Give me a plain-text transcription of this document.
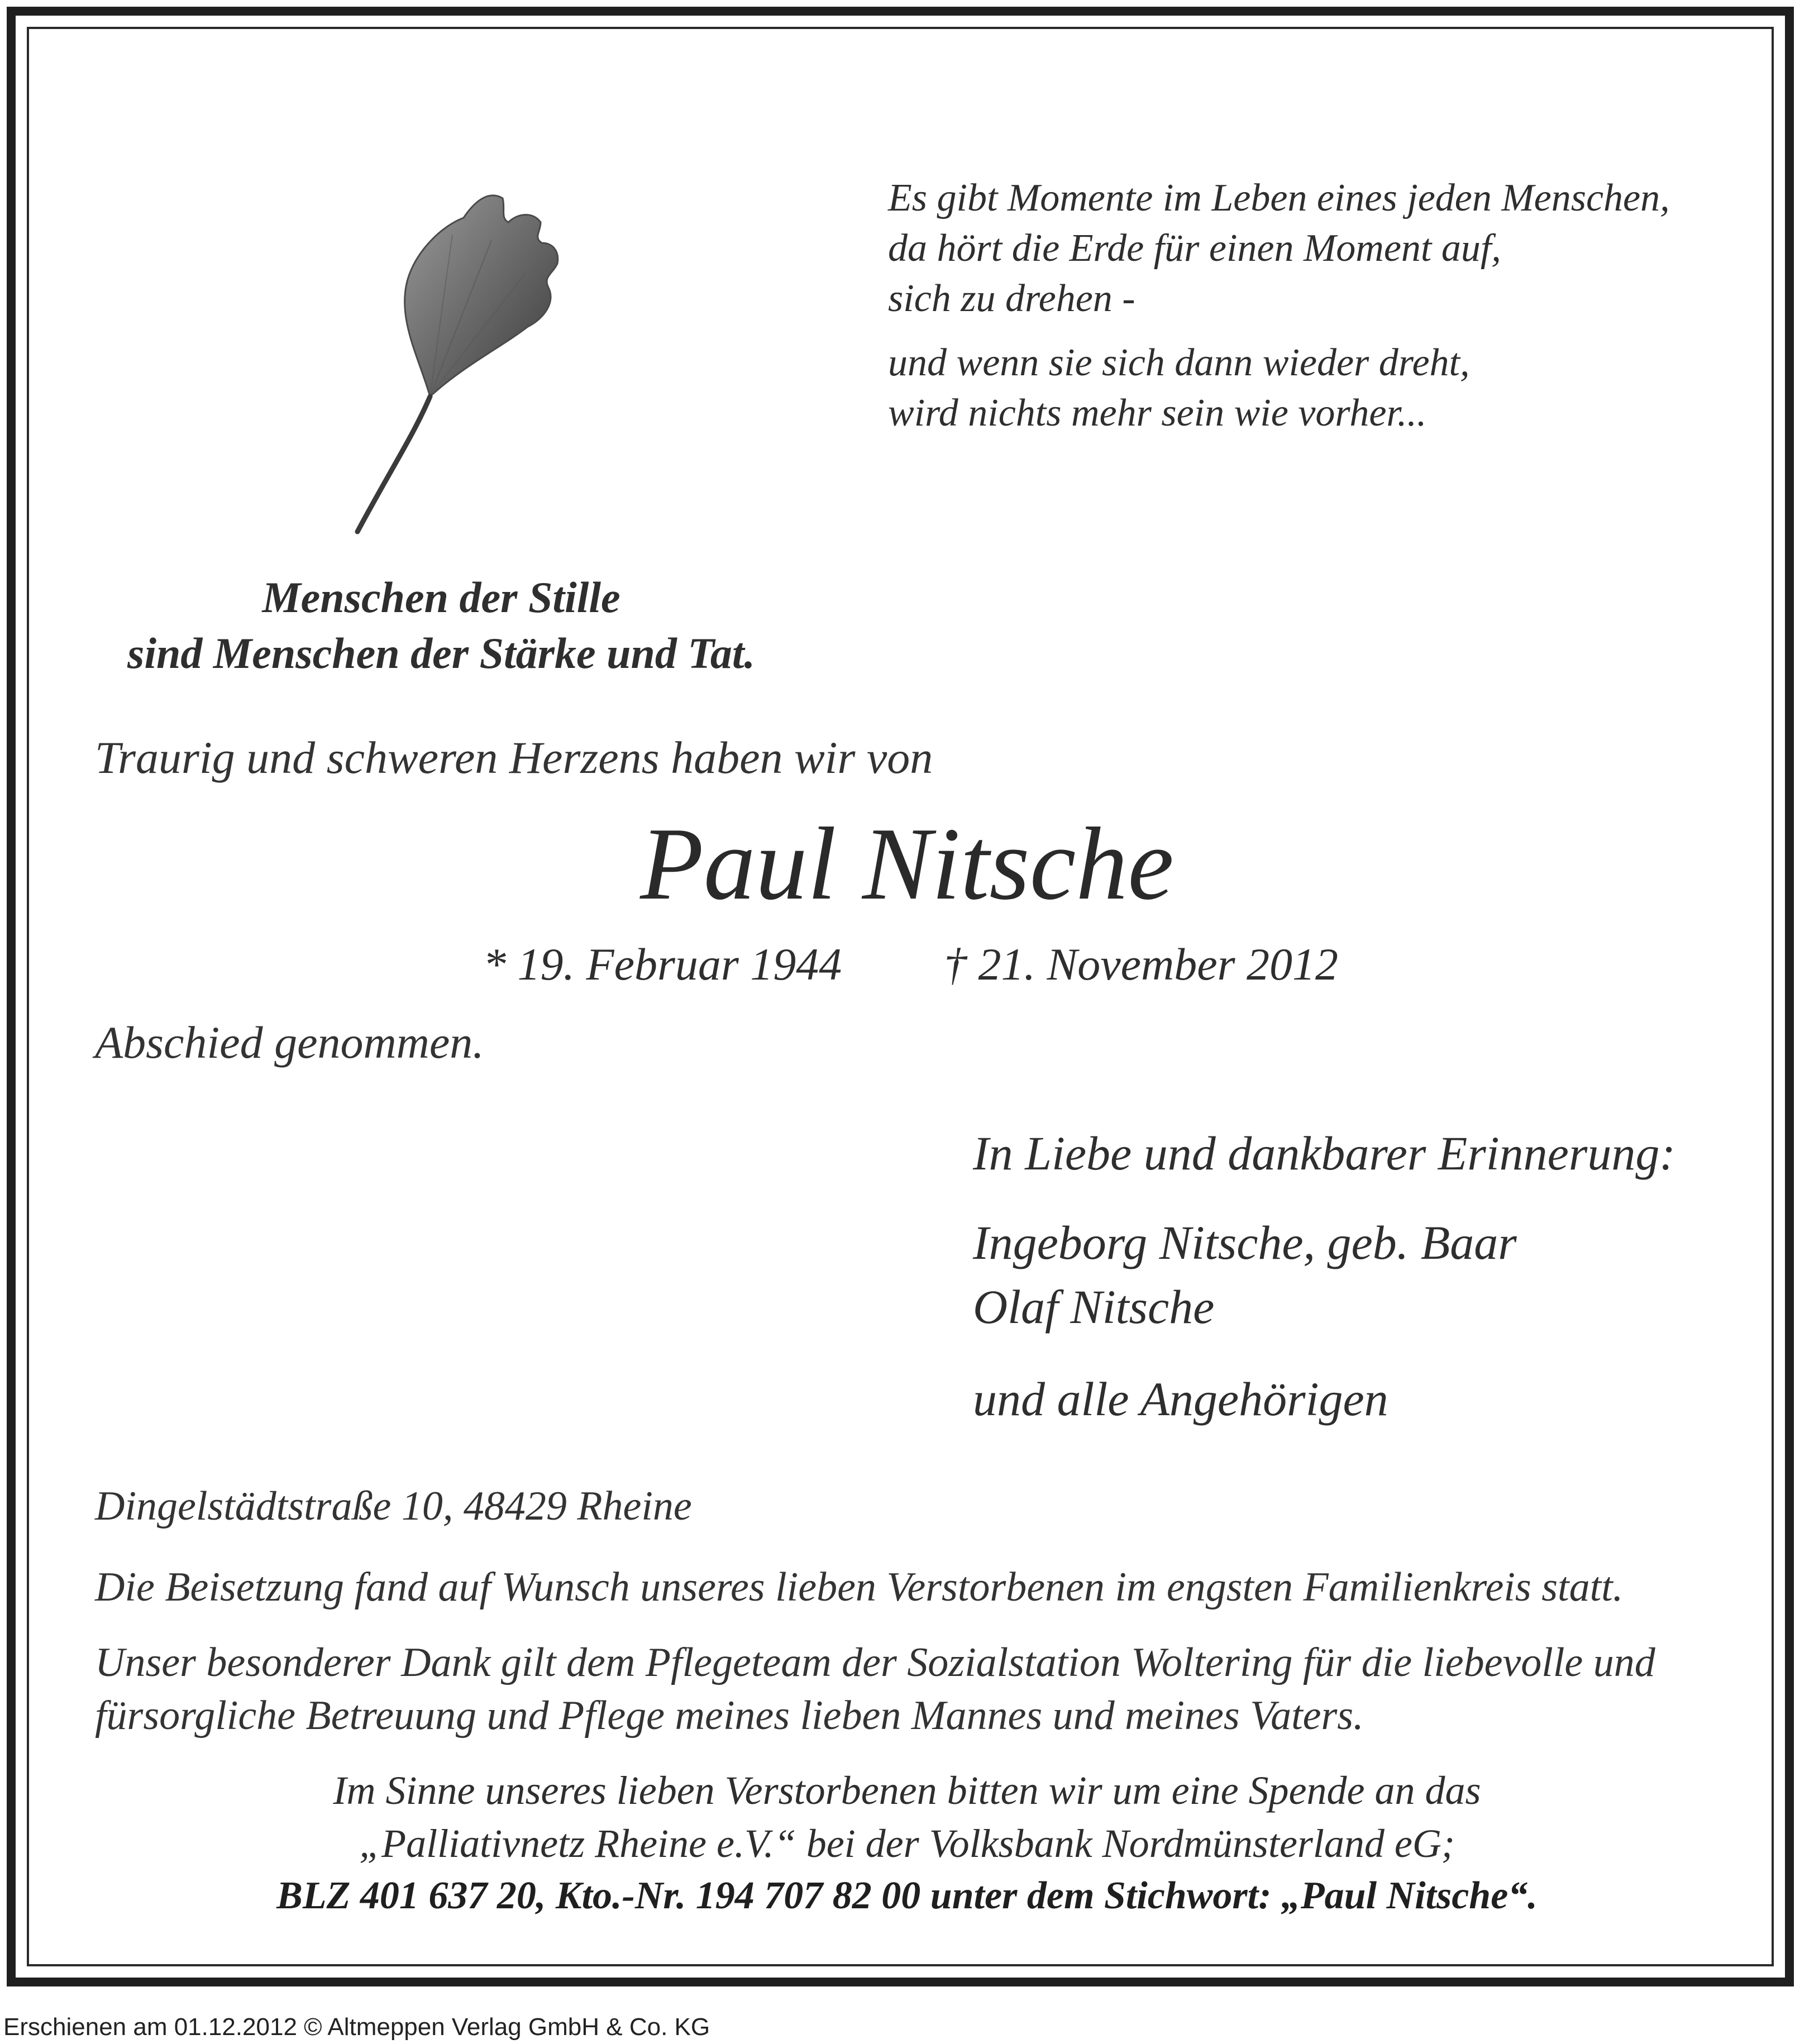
Es gibt Momente im Leben eines jeden Menschen,
da hört die Erde für einen Moment auf,
sich zu drehen -
und wenn sie sich dann wieder dreht,
wird nichts mehr sein wie vorher...
Menschen der Stille
sind Menschen der Stärke und Tat.
Traurig und schweren Herzens haben wir von
Paul Nitsche
* 19. Februar 1944 † 21. November 2012
Abschied genommen.
In Liebe und dankbarer Erinnerung:
Ingeborg Nitsche, geb. Baar
Olaf Nitsche
und alle Angehörigen
Dingelstädtstraße 10, 48429 Rheine
Die Beisetzung fand auf Wunsch unseres lieben Verstorbenen im engsten Familienkreis statt.
Unser besonderer Dank gilt dem Pflegeteam der Sozialstation Woltering für die liebevolle und
fürsorgliche Betreuung und Pflege meines lieben Mannes und meines Vaters.
Im Sinne unseres lieben Verstorbenen bitten wir um eine Spende an das
„Palliativnetz Rheine e.V.“ bei der Volksbank Nordmünsterland eG;
BLZ 401 637 20, Kto.-Nr. 194 707 82 00 unter dem Stichwort: „Paul Nitsche“.
Erschienen am 01.12.2012 © Altmeppen Verlag GmbH & Co. KG
